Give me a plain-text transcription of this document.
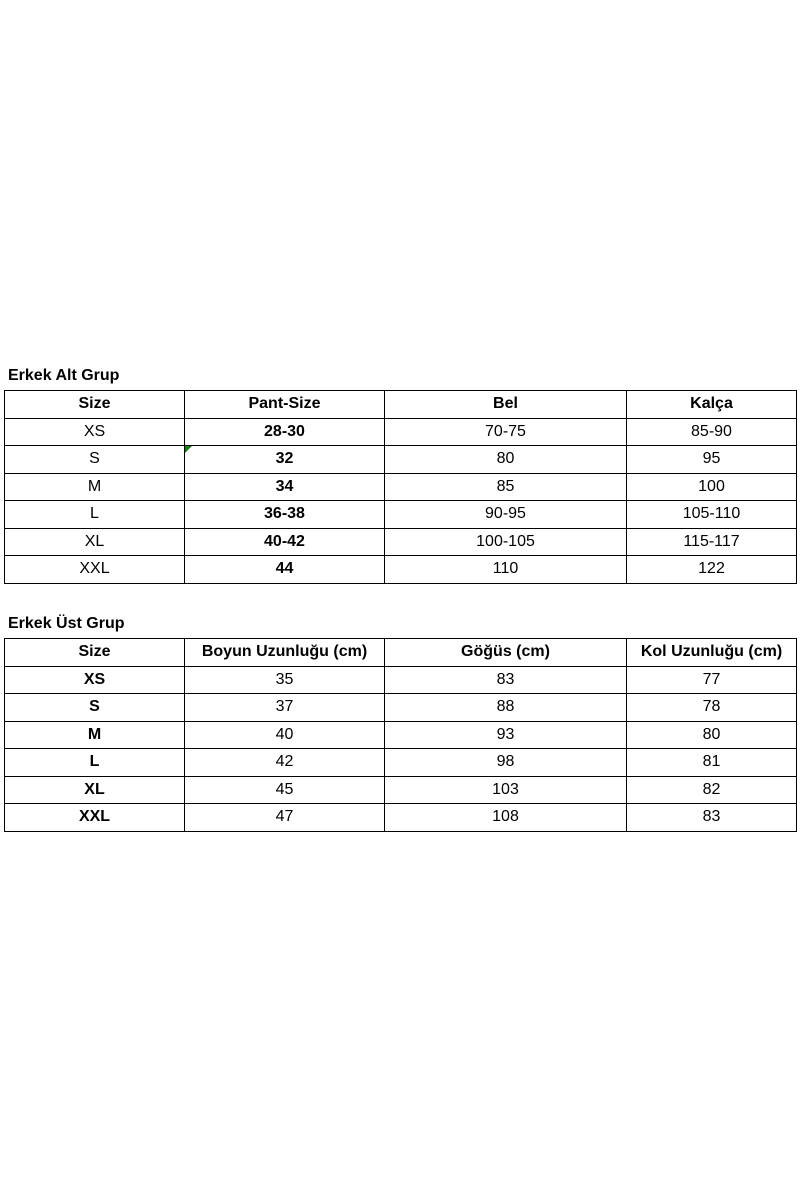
Erkek Alt Grup
Size	Pant-Size	Bel	Kalça
XS	28-30	70-75	85-90
S	32	80	95
M	34	85	100
L	36-38	90-95	105-110
XL	40-42	100-105	115-117
XXL	44	110	122
Erkek Üst Grup
Size	Boyun Uzunluğu (cm)	Göğüs (cm)	Kol Uzunluğu (cm)
XS	35	83	77
S	37	88	78
M	40	93	80
L	42	98	81
XL	45	103	82
XXL	47	108	83
